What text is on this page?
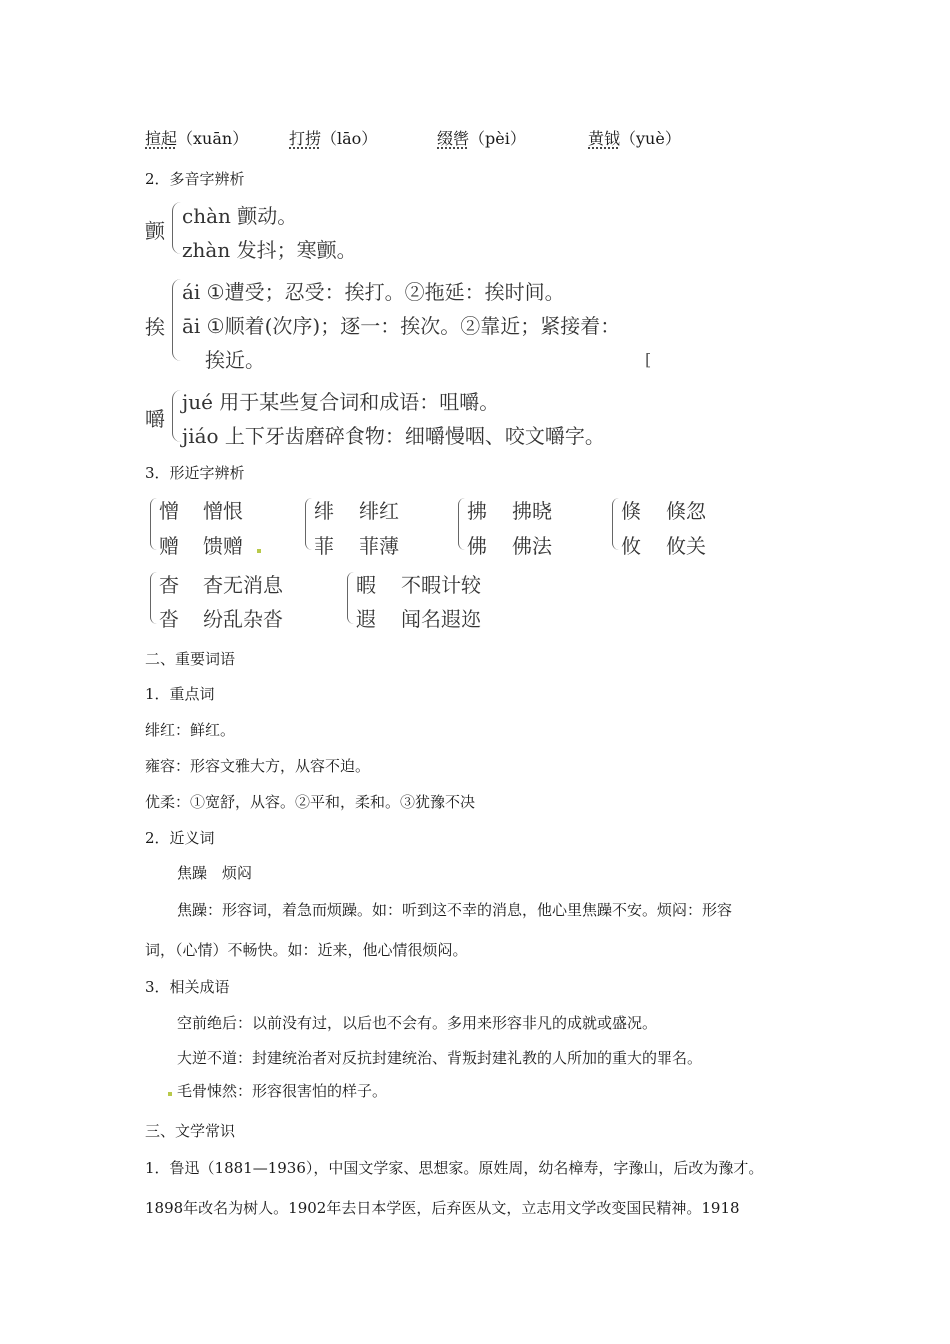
揎起（xuān）	打捞（lāo）	缀辔（pèi）	黄钺（yuè）
2．多音字辨析
颤
chàn 颤动。
zhàn 发抖；寒颤。
挨
ái ①遭受；忍受：挨打。②拖延：挨时间。
āi ①顺着(次序)；逐一：挨次。②靠近；紧接着：
挨近。	[
嚼
jué 用于某些复合词和成语：咀嚼。
jiáo 上下牙齿磨碎食物：细嚼慢咽、咬文嚼字。
3．形近字辨析
憎 憎恨
赠 馈赠
绯 绯红
菲 菲薄
拂 拂晓
佛 佛法
倏 倏忽
攸 攸关
杳 杳无消息
沓 纷乱杂沓
暇 不暇计较
遐 闻名遐迩
二、重要词语
1．重点词
绯红：鲜红。
雍容：形容文雅大方，从容不迫。
优柔：①宽舒，从容。②平和，柔和。③犹豫不决
2．近义词
焦躁　烦闷
焦躁：形容词，着急而烦躁。如：听到这不幸的消息，他心里焦躁不安。烦闷：形容
词，（心情）不畅快。如：近来，他心情很烦闷。
3．相关成语
空前绝后：以前没有过，以后也不会有。多用来形容非凡的成就或盛况。
大逆不道：封建统治者对反抗封建统治、背叛封建礼教的人所加的重大的罪名。
毛骨悚然：形容很害怕的样子。
三、文学常识
1．鲁迅（1881—1936），中国文学家、思想家。原姓周，幼名樟寿，字豫山，后改为豫才。
1898年改名为树人。1902年去日本学医，后弃医从文，立志用文学改变国民精神。1918
